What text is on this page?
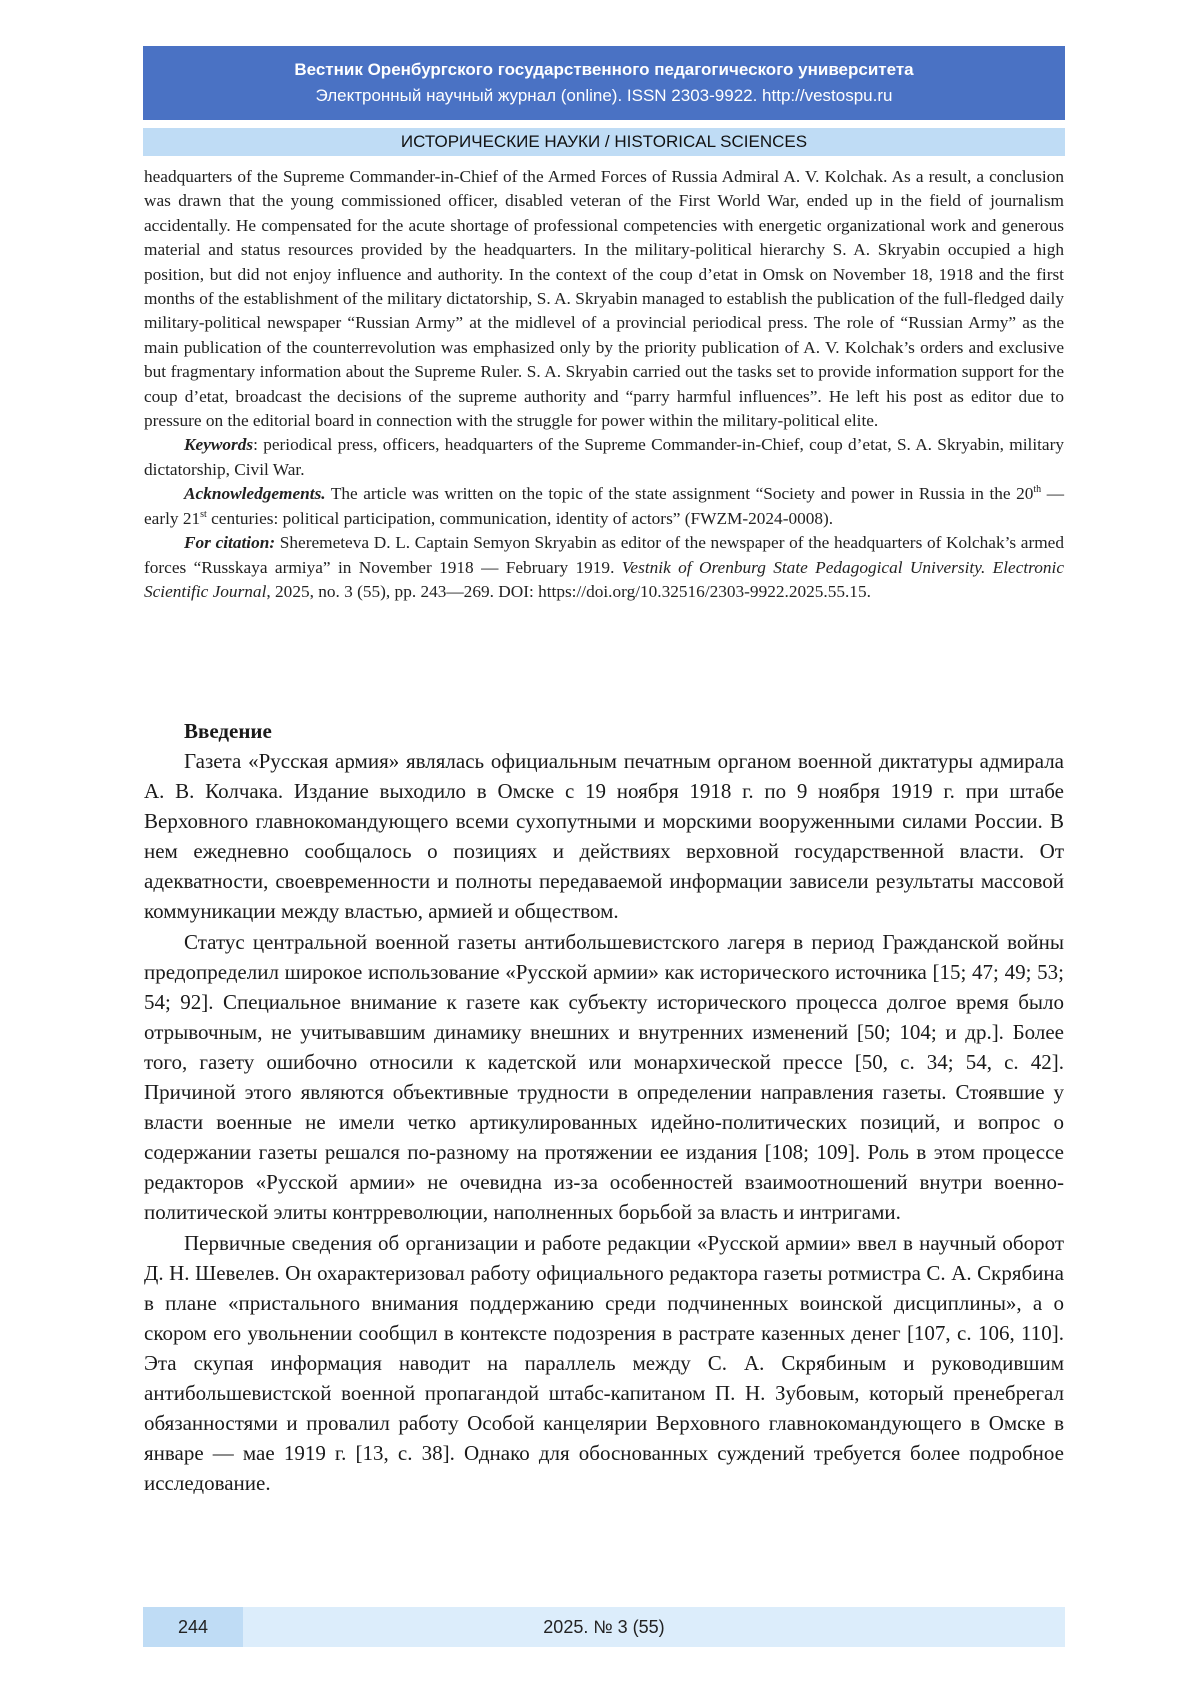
Вестник Оренбургского государственного педагогического университета
Электронный научный журнал (online). ISSN 2303-9922. http://vestospu.ru
ИСТОРИЧЕСКИЕ НАУКИ / HISTORICAL SCIENCES

headquarters of the Supreme Commander-in-Chief of the Armed Forces of Russia Admiral A. V. Kolchak. As a result, a conclusion was drawn that the young commissioned officer, disabled veteran of the First World War, ended up in the field of journalism accidentally. He compensated for the acute shortage of professional competencies with energetic organizational work and generous material and status resources provided by the headquarters. In the military-political hierarchy S. A. Skryabin occupied a high position, but did not enjoy influence and authority. In the context of the coup d’etat in Omsk on November 18, 1918 and the first months of the establishment of the military dictatorship, S. A. Skryabin managed to establish the publication of the full-fledged daily military-political newspaper “Russian Army” at the midlevel of a provincial periodical press. The role of “Russian Army” as the main publication of the counterrevolution was emphasized only by the priority publication of A. V. Kolchak’s orders and exclusive but fragmentary information about the Supreme Ruler. S. A. Skryabin carried out the tasks set to provide information support for the coup d’etat, broadcast the decisions of the supreme authority and “parry harmful influences”. He left his post as editor due to pressure on the editorial board in connection with the struggle for power within the military-political elite.

Keywords: periodical press, officers, headquarters of the Supreme Commander-in-Chief, coup d’etat, S. A. Skryabin, military dictatorship, Civil War.

Acknowledgements. The article was written on the topic of the state assignment “Society and power in Russia in the 20th — early 21st centuries: political participation, communication, identity of actors” (FWZM-2024-0008).

For citation: Sheremeteva D. L. Captain Semyon Skryabin as editor of the newspaper of the headquarters of Kolchak’s armed forces “Russkaya armiya” in November 1918 — February 1919. Vestnik of Orenburg State Pedagogical University. Electronic Scientific Journal, 2025, no. 3 (55), pp. 243—269. DOI: https://doi.org/10.32516/2303-9922.2025.55.15.

Введение

Газета «Русская армия» являлась официальным печатным органом военной диктатуры адмирала А. В. Колчака. Издание выходило в Омске с 19 ноября 1918 г. по 9 ноября 1919 г. при штабе Верховного главнокомандующего всеми сухопутными и морскими вооруженными силами России. В нем ежедневно сообщалось о позициях и действиях верховной государственной власти. От адекватности, своевременности и полноты передаваемой информации зависели результаты массовой коммуникации между властью, армией и обществом.

Статус центральной военной газеты антибольшевистского лагеря в период Гражданской войны предопределил широкое использование «Русской армии» как исторического источника [15; 47; 49; 53; 54; 92]. Специальное внимание к газете как субъекту исторического процесса долгое время было отрывочным, не учитывавшим динамику внешних и внутренних изменений [50; 104; и др.]. Более того, газету ошибочно относили к кадетской или монархической прессе [50, с. 34; 54, с. 42]. Причиной этого являются объективные трудности в определении направления газеты. Стоявшие у власти военные не имели четко артикулированных идейно-политических позиций, и вопрос о содержании газеты решался по-разному на протяжении ее издания [108; 109]. Роль в этом процессе редакторов «Русской армии» не очевидна из-за особенностей взаимоотношений внутри военно-политической элиты контрреволюции, наполненных борьбой за власть и интригами.

Первичные сведения об организации и работе редакции «Русской армии» ввел в научный оборот Д. Н. Шевелев. Он охарактеризовал работу официального редактора газеты ротмистра С. А. Скрябина в плане «пристального внимания поддержанию среди подчиненных воинской дисциплины», а о скором его увольнении сообщил в контексте подозрения в растрате казенных денег [107, с. 106, 110]. Эта скупая информация наводит на параллель между С. А. Скрябиным и руководившим антибольшевистской военной пропагандой штабс-капитаном П. Н. Зубовым, который пренебрегал обязанностями и провалил работу Особой канцелярии Верховного главнокомандующего в Омске в январе — мае 1919 г. [13, с. 38]. Однако для обоснованных суждений требуется более подробное исследование.

2025. № 3 (55)
244
